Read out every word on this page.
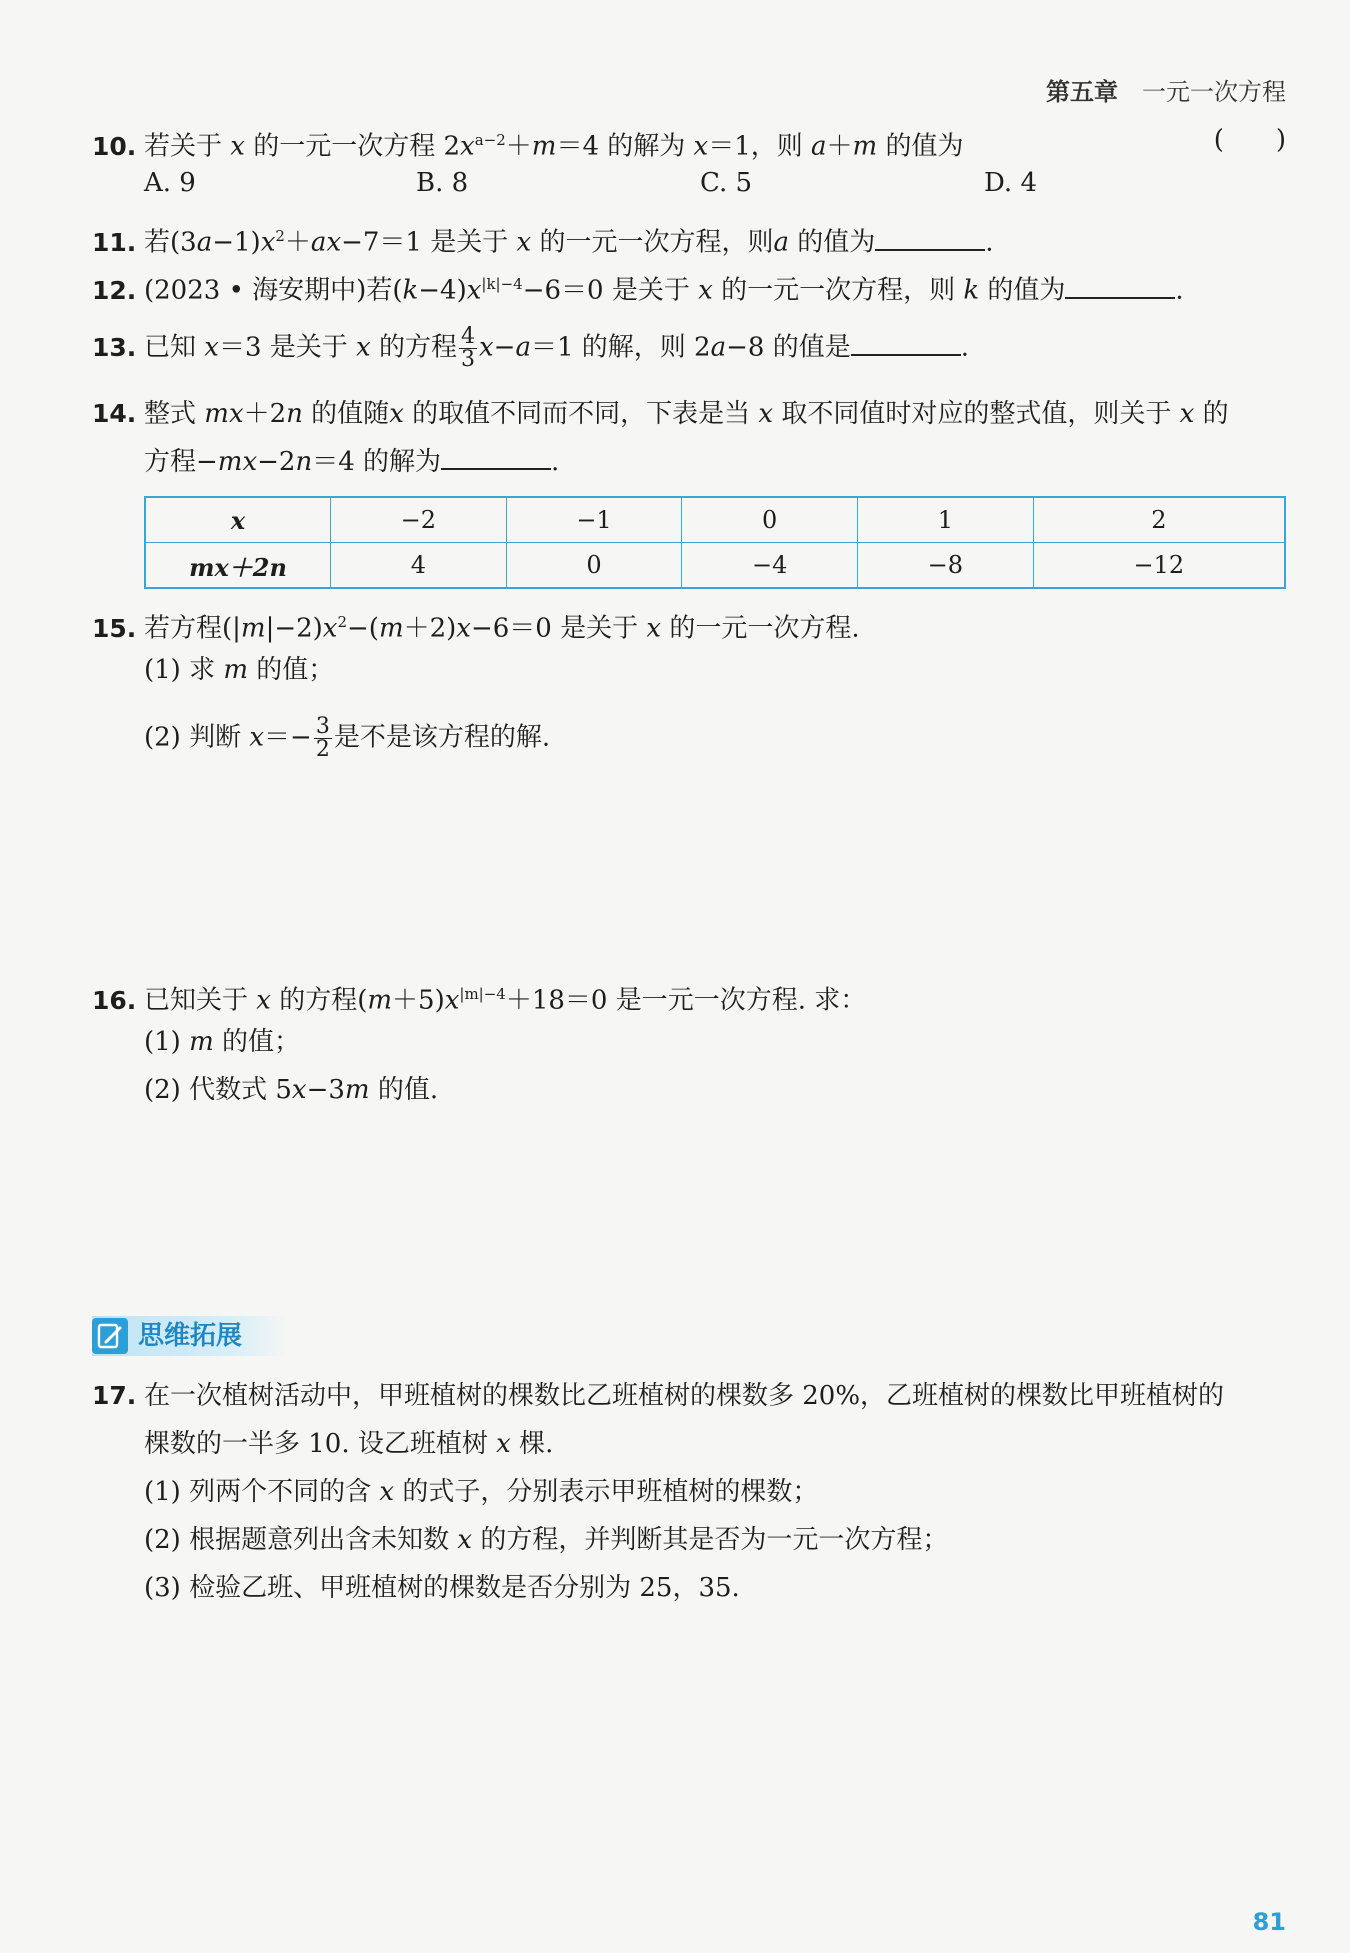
第五章 一元一次方程
10. 若关于 x 的一元一次方程 $2x^{a-2}+m=4$ 的解为 x＝1，则 a＋m 的值为	(　　)
A. 9	B. 8	C. 5	D. 4
11. 若$(3a-1)x^2+ax-7=1$ 是关于 x 的一元一次方程，则a 的值为	.
12. (2023 • 海安期中)若$(k-4)x^{|k|-4}-6=0$ 是关于 x 的一元一次方程，则 k 的值为	.
13. 已知 x＝3 是关于 x 的方程 $\frac{4}{3} x-a=1$ 的解，则 2a−8 的值是	.
14. 整式 mx＋2n 的值随x 的取值不同而不同，下表是当 x 取不同值时对应的整式值，则关于 x 的
方程−mx−2n＝4 的解为	.
x	−2	−1	0	1	2
mx＋2n	4	0	−4	−8	−12
15. 若方程$(|m|-2)x^2-(m+2)x-6=0$ 是关于 x 的一元一次方程.
(1) 求 m 的值；
(2) 判断 $x=- \frac{3}{2}$ 是不是该方程的解.
16. 已知关于 x 的方程$(m+5)x^{|m|-4}+18=0$ 是一元一次方程. 求：
(1) m 的值；
(2) 代数式 5x−3m 的值.
思维拓展
17. 在一次植树活动中，甲班植树的棵数比乙班植树的棵数多 20%，乙班植树的棵数比甲班植树的
棵数的一半多 10. 设乙班植树 x 棵.
(1) 列两个不同的含 x 的式子，分别表示甲班植树的棵数；
(2) 根据题意列出含未知数 x 的方程，并判断其是否为一元一次方程；
(3) 检验乙班、甲班植树的棵数是否分别为 25，35.
81
